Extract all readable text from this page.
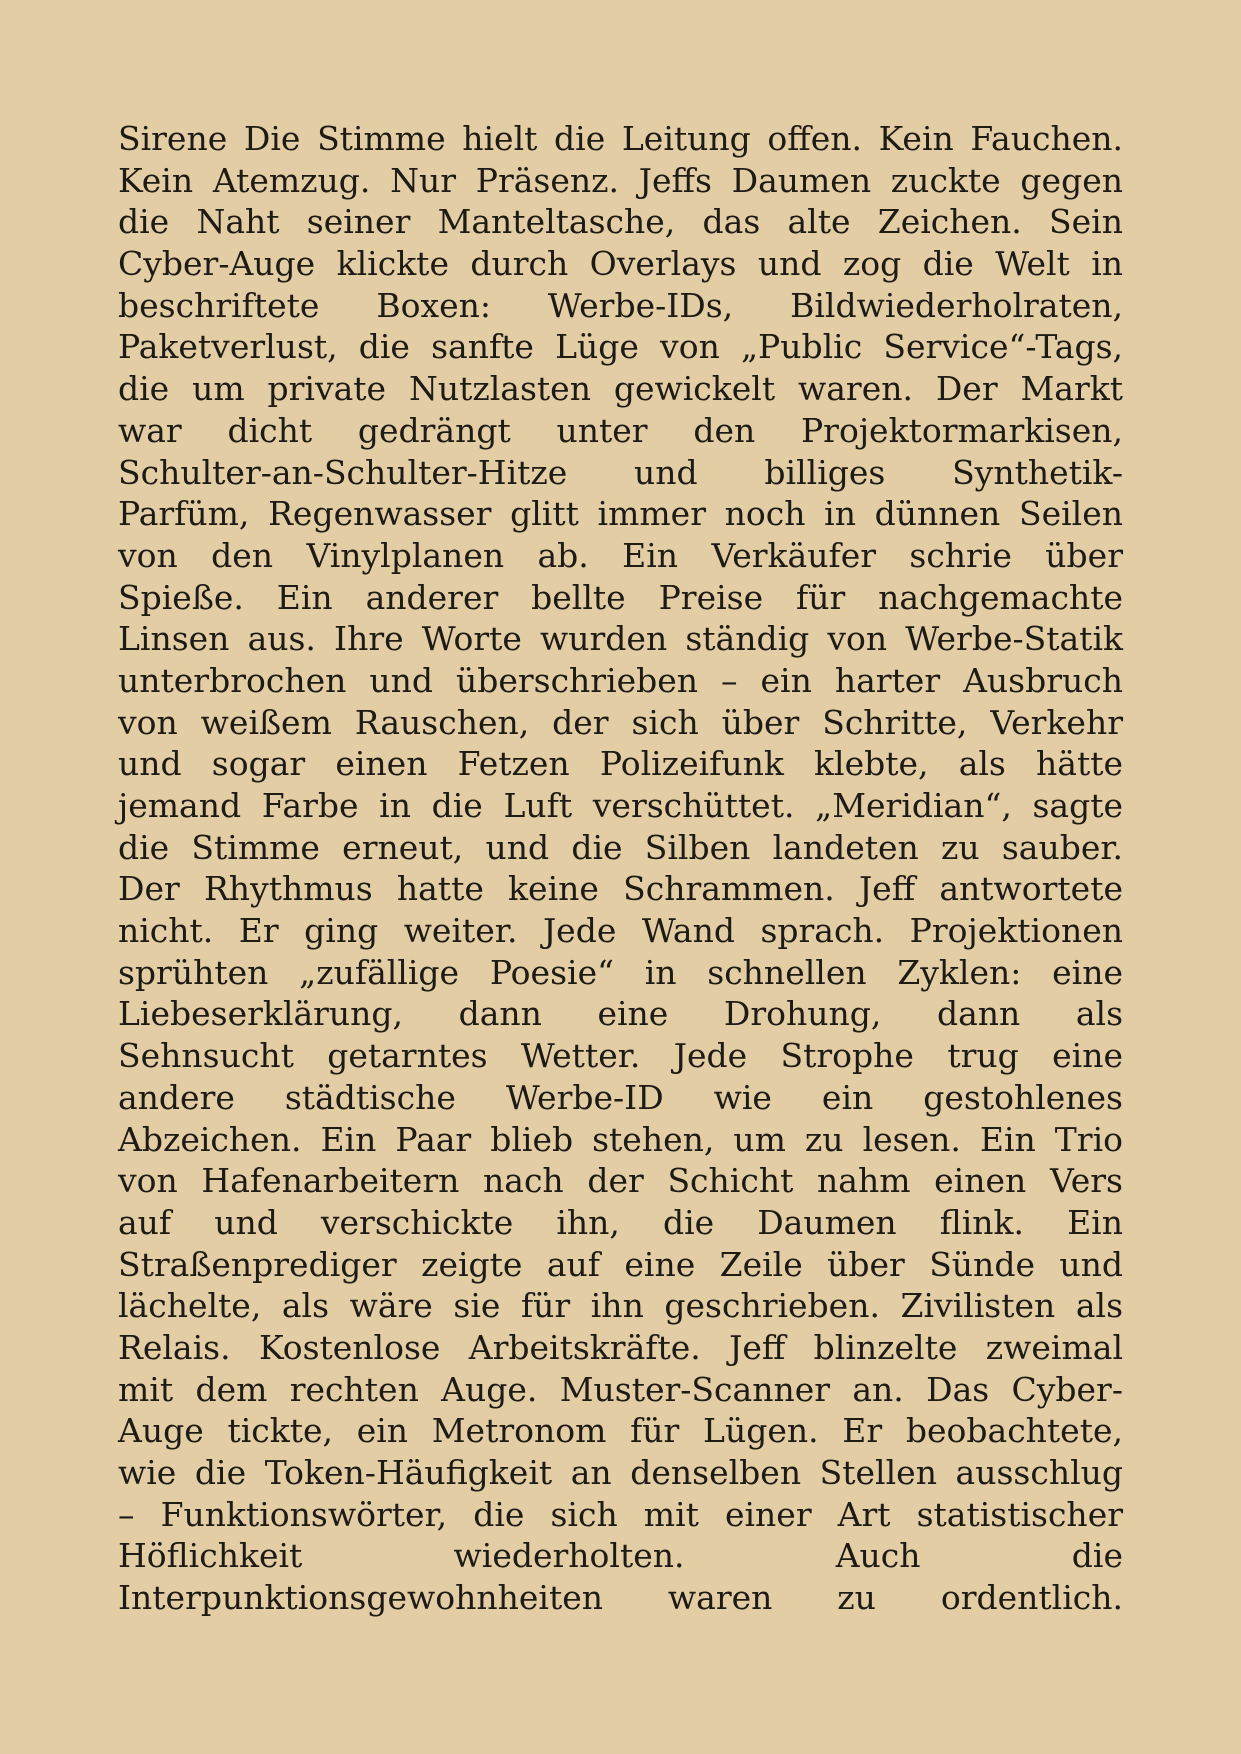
Sirene Die Stimme hielt die Leitung offen. Kein Fauchen.
Kein Atemzug. Nur Präsenz. Jeffs Daumen zuckte gegen
die Naht seiner Manteltasche, das alte Zeichen. Sein
Cyber-Auge klickte durch Overlays und zog die Welt in
beschriftete Boxen: Werbe-IDs, Bildwiederholraten,
Paketverlust, die sanfte Lüge von „Public Service“-Tags,
die um private Nutzlasten gewickelt waren. Der Markt
war dicht gedrängt unter den Projektormarkisen,
Schulter-an-Schulter-Hitze und billiges Synthetik-
Parfüm, Regenwasser glitt immer noch in dünnen Seilen
von den Vinylplanen ab. Ein Verkäufer schrie über
Spieße. Ein anderer bellte Preise für nachgemachte
Linsen aus. Ihre Worte wurden ständig von Werbe-Statik
unterbrochen und überschrieben – ein harter Ausbruch
von weißem Rauschen, der sich über Schritte, Verkehr
und sogar einen Fetzen Polizeifunk klebte, als hätte
jemand Farbe in die Luft verschüttet. „Meridian“, sagte
die Stimme erneut, und die Silben landeten zu sauber.
Der Rhythmus hatte keine Schrammen. Jeff antwortete
nicht. Er ging weiter. Jede Wand sprach. Projektionen
sprühten „zufällige Poesie“ in schnellen Zyklen: eine
Liebeserklärung, dann eine Drohung, dann als
Sehnsucht getarntes Wetter. Jede Strophe trug eine
andere städtische Werbe-ID wie ein gestohlenes
Abzeichen. Ein Paar blieb stehen, um zu lesen. Ein Trio
von Hafenarbeitern nach der Schicht nahm einen Vers
auf und verschickte ihn, die Daumen flink. Ein
Straßenprediger zeigte auf eine Zeile über Sünde und
lächelte, als wäre sie für ihn geschrieben. Zivilisten als
Relais. Kostenlose Arbeitskräfte. Jeff blinzelte zweimal
mit dem rechten Auge. Muster-Scanner an. Das Cyber-
Auge tickte, ein Metronom für Lügen. Er beobachtete,
wie die Token-Häufigkeit an denselben Stellen ausschlug
– Funktionswörter, die sich mit einer Art statistischer
Höflichkeit wiederholten. Auch die
Interpunktionsgewohnheiten waren zu ordentlich.
